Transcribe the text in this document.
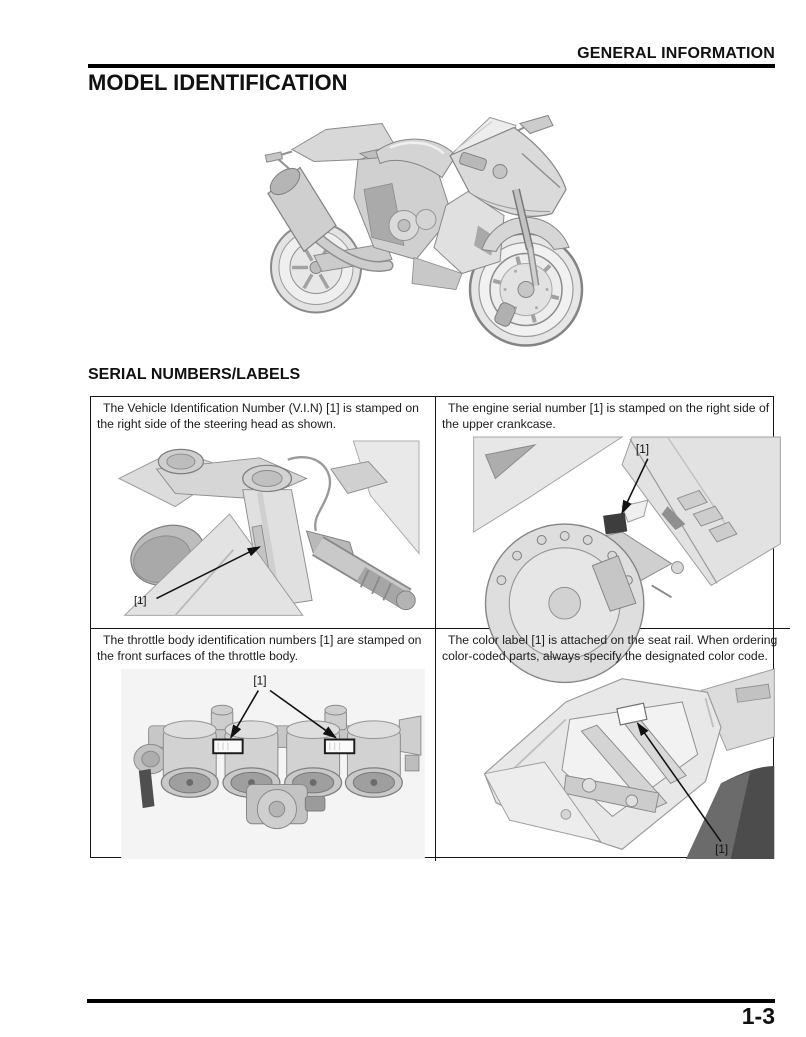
GENERAL INFORMATION
MODEL IDENTIFICATION
SERIAL NUMBERS/LABELS

The Vehicle Identification Number (V.I.N) [1] is stamped on the right side of the steering head as shown.

[1]

The engine serial number [1] is stamped on the right side of the upper crankcase.

[1]

The throttle body identification numbers [1] are stamped on the front surfaces of the throttle body.

[1]

The color label [1] is attached on the seat rail. When ordering color-coded parts, always specify the designated color code.

[1]
1-3
